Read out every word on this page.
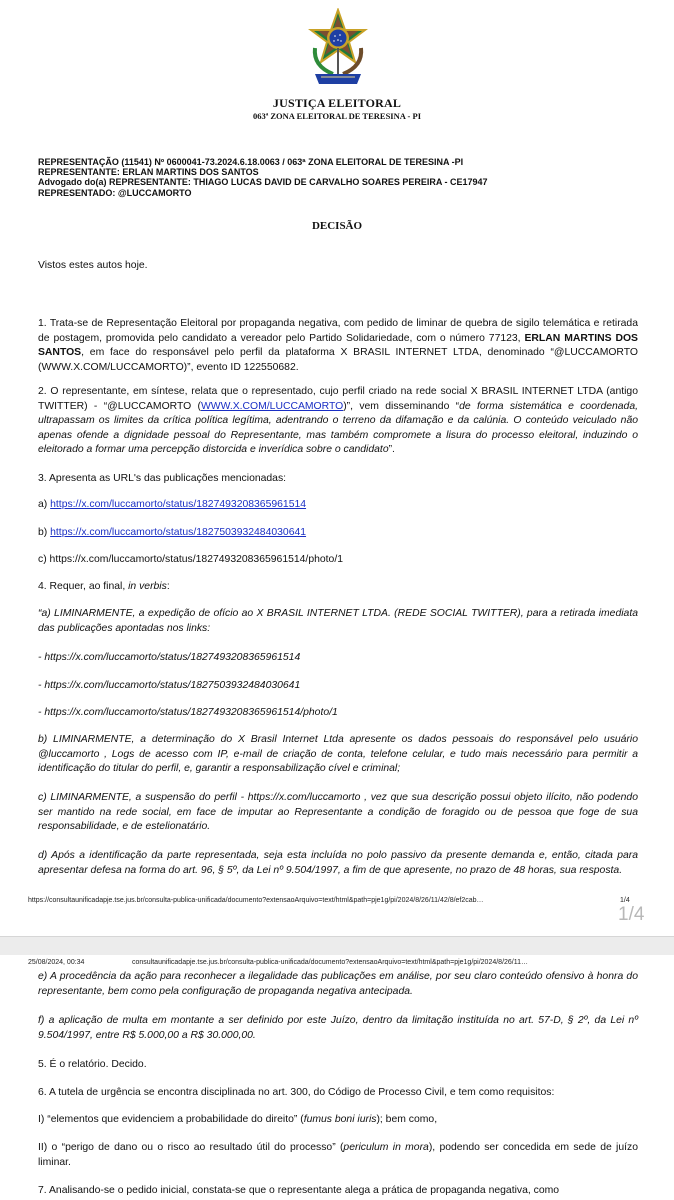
JUSTIÇA ELEITORAL
063ª ZONA ELEITORAL DE TERESINA - PI
REPRESENTAÇÃO (11541) Nº 0600041-73.2024.6.18.0063 / 063ª ZONA ELEITORAL DE TERESINA -PI
REPRESENTANTE: ERLAN MARTINS DOS SANTOS
Advogado do(a) REPRESENTANTE: THIAGO LUCAS DAVID DE CARVALHO SOARES PEREIRA - CE17947
REPRESENTADO: @LUCCAMORTO
DECISÃO
Vistos estes autos hoje.
1. Trata-se de Representação Eleitoral por propaganda negativa, com pedido de liminar de quebra de sigilo telemática e retirada de postagem, promovida pelo candidato a vereador pelo Partido Solidariedade, com o número 77123, ERLAN MARTINS DOS SANTOS, em face do responsável pelo perfil da plataforma X BRASIL INTERNET LTDA, denominado “@LUCCAMORTO (WWW.X.COM/LUCCAMORTO)”, evento ID 122550682.
2. O representante, em síntese, relata que o representado, cujo perfil criado na rede social X BRASIL INTERNET LTDA (antigo TWITTER) - “@LUCCAMORTO (WWW.X.COM/LUCCAMORTO)”, vem disseminando “de forma sistemática e coordenada, ultrapassam os limites da crítica política legítima, adentrando o terreno da difamação e da calúnia. O conteúdo veiculado não apenas ofende a dignidade pessoal do Representante, mas também compromete a lisura do processo eleitoral, induzindo o eleitorado a formar uma percepção distorcida e inverídica sobre o candidato”.
3. Apresenta as URL's das publicações mencionadas:
a) https://x.com/luccamorto/status/1827493208365961514
b) https://x.com/luccamorto/status/1827503932484030641
c) https://x.com/luccamorto/status/1827493208365961514/photo/1
4. Requer, ao final, in verbis:
“a) LIMINARMENTE, a expedição de ofício ao X BRASIL INTERNET LTDA. (REDE SOCIAL TWITTER), para a retirada imediata das publicações apontadas nos links:
- https://x.com/luccamorto/status/1827493208365961514
- https://x.com/luccamorto/status/1827503932484030641
- https://x.com/luccamorto/status/1827493208365961514/photo/1
b) LIMINARMENTE, a determinação do X Brasil Internet Ltda apresente os dados pessoais do responsável pelo usuário @luccamorto , Logs de acesso com IP, e-mail de criação de conta, telefone celular, e tudo mais necessário para permitir a identificação do titular do perfil, e, garantir a responsabilização cível e criminal;
c) LIMINARMENTE, a suspensão do perfil - https://x.com/luccamorto , vez que sua descrição possui objeto ilícito, não podendo ser mantido na rede social, em face de imputar ao Representante a condição de foragido ou de pessoa que foge de sua responsabilidade, e de estelionatário.
d) Após a identificação da parte representada, seja esta incluída no polo passivo da presente demanda e, então, citada para apresentar defesa na forma do art. 96, § 5º, da Lei nº 9.504/1997, a fim de que apresente, no prazo de 48 horas, sua resposta.
https://consultaunificadapje.tse.jus.br/consulta-publica-unificada/documento?extensaoArquivo=text/html&path=pje1g/pi/2024/8/26/11/42/8/ef2cab…	1/4
1/4
25/08/2024, 00:34	consultaunificadapje.tse.jus.br/consulta-publica-unificada/documento?extensaoArquivo=text/html&path=pje1g/pi/2024/8/26/11…
e) A procedência da ação para reconhecer a ilegalidade das publicações em análise, por seu claro conteúdo ofensivo à honra do representante, bem como pela configuração de propaganda negativa antecipada.
f) a aplicação de multa em montante a ser definido por este Juízo, dentro da limitação instituída no art. 57-D, § 2º, da Lei nº 9.504/1997, entre R$ 5.000,00 a R$ 30.000,00.
5. É o relatório. Decido.
6. A tutela de urgência se encontra disciplinada no art. 300, do Código de Processo Civil, e tem como requisitos:
I) “elementos que evidenciem a probabilidade do direito” (fumus boni iuris); bem como,
II) o “perigo de dano ou o risco ao resultado útil do processo” (periculum in mora), podendo ser concedida em sede de juízo liminar.
7. Analisando-se o pedido inicial, constata-se que o representante alega a prática de propaganda negativa, como
